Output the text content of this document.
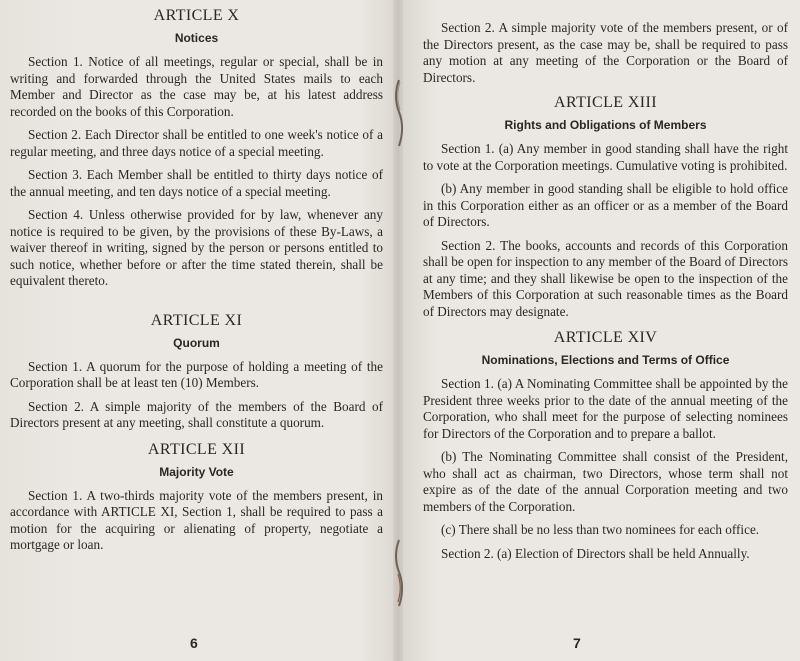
ARTICLE X
Notices

Section 1. Notice of all meetings, regular or special, shall be in writing and forwarded through the United States mails to each Member and Director as the case may be, at his latest address recorded on the books of this Corporation.

Section 2. Each Director shall be entitled to one week's notice of a regular meeting, and three days notice of a special meeting.

Section 3. Each Member shall be entitled to thirty days notice of the annual meeting, and ten days notice of a special meeting.

Section 4. Unless otherwise provided for by law, whenever any notice is required to be given, by the provisions of these By-Laws, a waiver thereof in writing, signed by the person or persons entitled to such notice, whether before or after the time stated therein, shall be equivalent thereto.

ARTICLE XI
Quorum

Section 1. A quorum for the purpose of holding a meeting of the Corporation shall be at least ten (10) Members.

Section 2. A simple majority of the members of the Board of Directors present at any meeting, shall constitute a quorum.

ARTICLE XII
Majority Vote

Section 1. A two-thirds majority vote of the members present, in accordance with ARTICLE XI, Section 1, shall be required to pass a motion for the acquiring or alienating of property, negotiate a mortgage or loan.

6

Section 2. A simple majority vote of the members present, or of the Directors present, as the case may be, shall be required to pass any motion at any meeting of the Corporation or the Board of Directors.

ARTICLE XIII
Rights and Obligations of Members

Section 1. (a) Any member in good standing shall have the right to vote at the Corporation meetings. Cumulative voting is prohibited.

(b) Any member in good standing shall be eligible to hold office in this Corporation either as an officer or as a member of the Board of Directors.

Section 2. The books, accounts and records of this Corporation shall be open for inspection to any member of the Board of Directors at any time; and they shall likewise be open to the inspection of the Members of this Corporation at such reasonable times as the Board of Directors may designate.

ARTICLE XIV
Nominations, Elections and Terms of Office

Section 1. (a) A Nominating Committee shall be appointed by the President three weeks prior to the date of the annual meeting of the Corporation, who shall meet for the purpose of selecting nominees for Directors of the Corporation and to prepare a ballot.

(b) The Nominating Committee shall consist of the President, who shall act as chairman, two Directors, whose term shall not expire as of the date of the annual Corporation meeting and two members of the Corporation.

(c) There shall be no less than two nominees for each office.

Section 2. (a) Election of Directors shall be held Annually.

7
